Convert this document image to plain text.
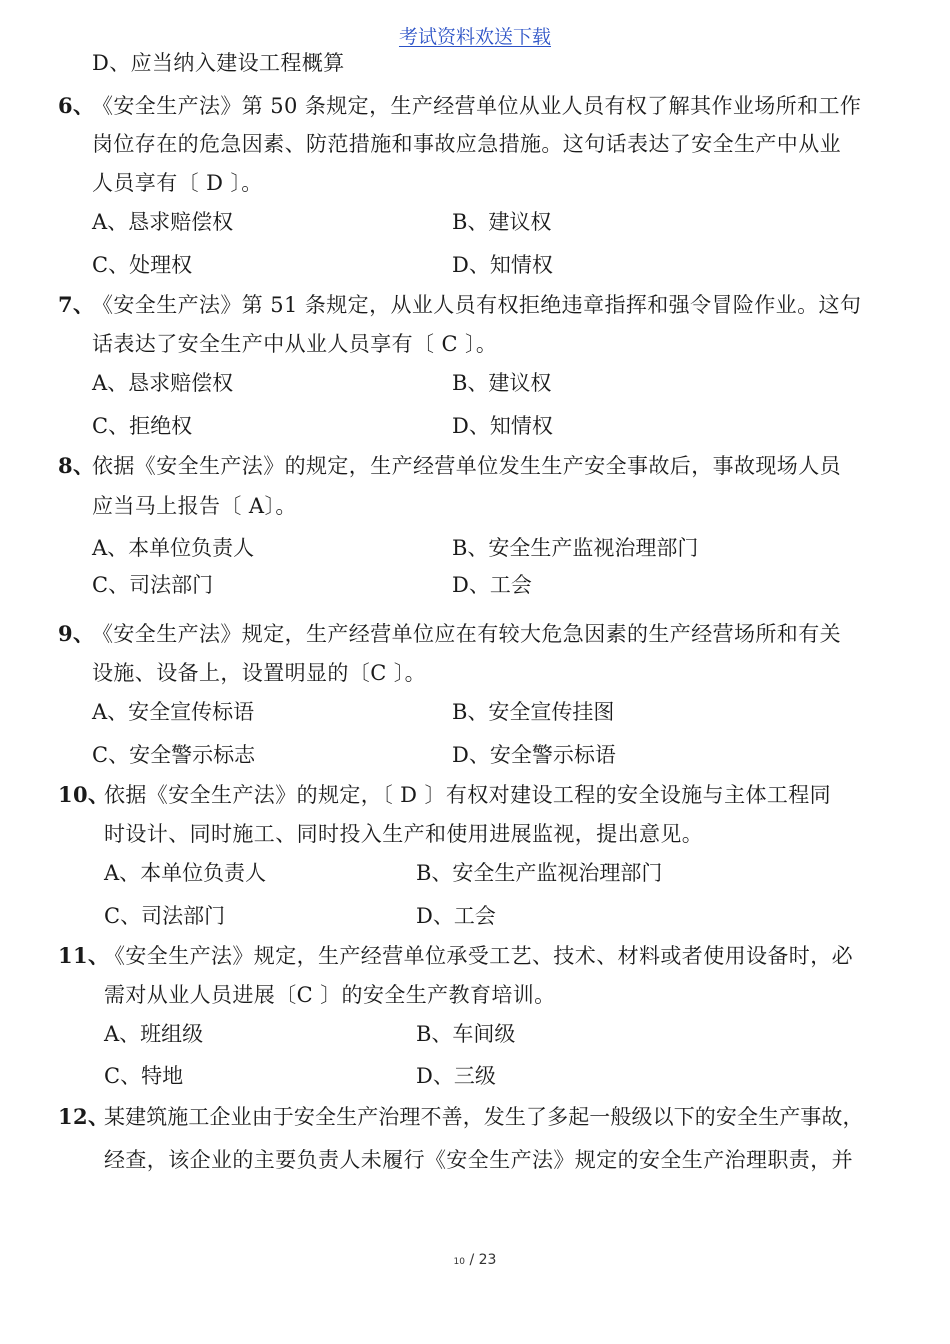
考试资料欢送下载
D、应当纳入建设工程概算
6、
《安全生产法》第 50 条规定，生产经营单位从业人员有权了解其作业场所和工作
岗位存在的危急因素、防范措施和事故应急措施。这句话表达了安全生产中从业
人员享有〔 D 〕。
A、恳求赔偿权	B、建议权
C、处理权	D、知情权
7、
《安全生产法》第 51 条规定，从业人员有权拒绝违章指挥和强令冒险作业。这句
话表达了安全生产中从业人员享有〔 C 〕。
A、恳求赔偿权	B、建议权
C、拒绝权	D、知情权
8、
依据《安全生产法》的规定，生产经营单位发生生产安全事故后，事故现场人员
应当马上报告〔 A〕。
A、本单位负责人	B、安全生产监视治理部门
C、司法部门	D、工会
9、
《安全生产法》规定，生产经营单位应在有较大危急因素的生产经营场所和有关
设施、设备上，设置明显的〔C 〕。
A、安全宣传标语	B、安全宣传挂图
C、安全警示标志	D、安全警示标语
10、
依据《安全生产法》的规定，〔 D 〕有权对建设工程的安全设施与主体工程同
时设计、同时施工、同时投入生产和使用进展监视，提出意见。
A、本单位负责人	B、安全生产监视治理部门
C、司法部门	D、工会
11、
《安全生产法》规定，生产经营单位承受工艺、技术、材料或者使用设备时，必
需对从业人员进展〔C 〕的安全生产教育培训。
A、班组级	B、车间级
C、特地	D、三级
12、
某建筑施工企业由于安全生产治理不善，发生了多起一般级以下的安全生产事故，
经查，该企业的主要负责人未履行《安全生产法》规定的安全生产治理职责，并
10 / 23
